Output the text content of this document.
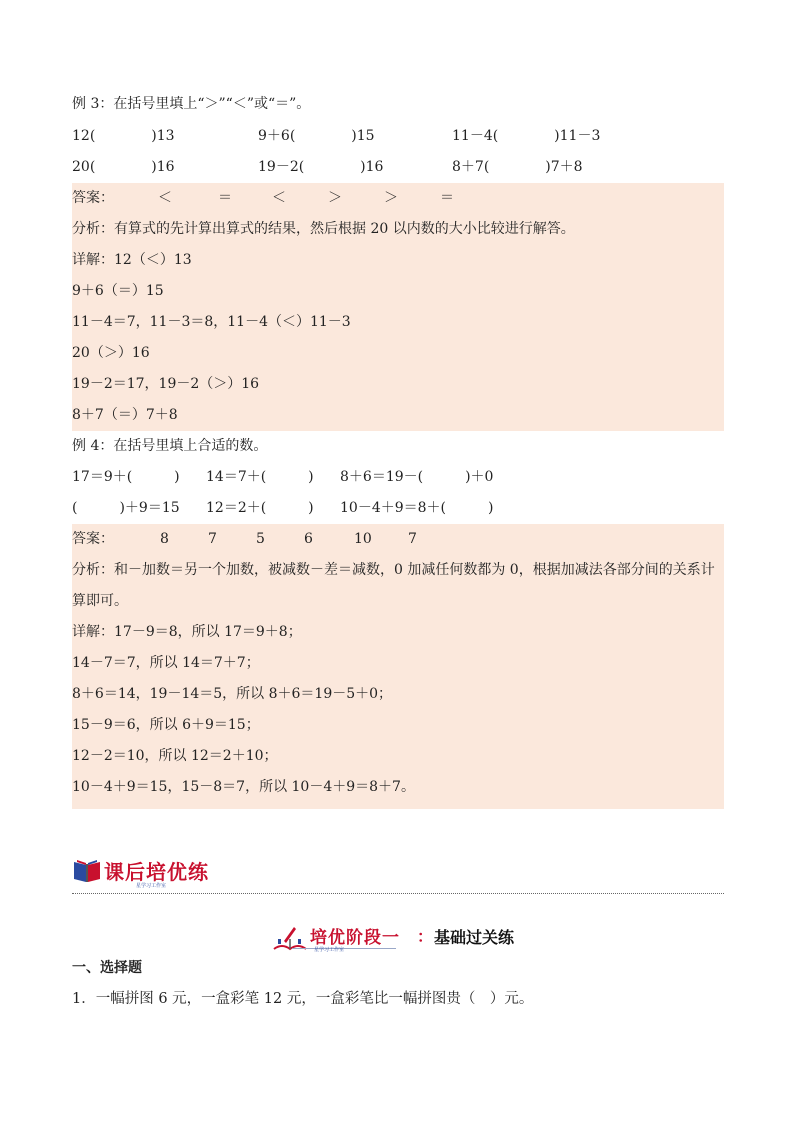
例 3：在括号里填上“＞”“＜”或“＝”。
12(　　　　)13	9＋6(　　　　)15	11－4(　　　　)11－3
20(　　　　)16	19－2(　　　　)16	8＋7(　　　　)7＋8
答案：	＜	＝	＜	＞	＞	＝
分析：有算式的先计算出算式的结果，然后根据 20 以内数的大小比较进行解答。
详解：12（＜）13
9＋6（＝）15
11－4＝7，11－3＝8，11－4（＜）11－3
20（＞）16
19－2＝17，19－2（＞）16
8＋7（＝）7＋8
例 4：在括号里填上合适的数。
17＝9＋(　　　) 14＝7＋(　　　) 8＋6＝19－(　　　)＋0
(　　　)＋9＝15 12＝2＋(　　　) 10－4＋9＝8＋(　　　)
答案：	8	7	5	6	10	7
分析：和－加数＝另一个加数，被减数－差＝减数，0 加减任何数都为 0，根据加减法各部分间的关系计算即可。
详解：17－9＝8，所以 17＝9＋8；
14－7＝7，所以 14＝7＋7；
8＋6＝14，19－14＝5，所以 8＋6＝19－5＋0；
15－9＝6，所以 6＋9＝15；
12－2＝10，所以 12＝2＋10；
10－4＋9＝15，15－8＝7，所以 10－4＋9＝8＋7。
课后培优练
星学习工作室
培优阶段一 ： 基础过关练
星学习工作室
一、选择题
1．一幅拼图 6 元，一盒彩笔 12 元，一盒彩笔比一幅拼图贵（　）元。
